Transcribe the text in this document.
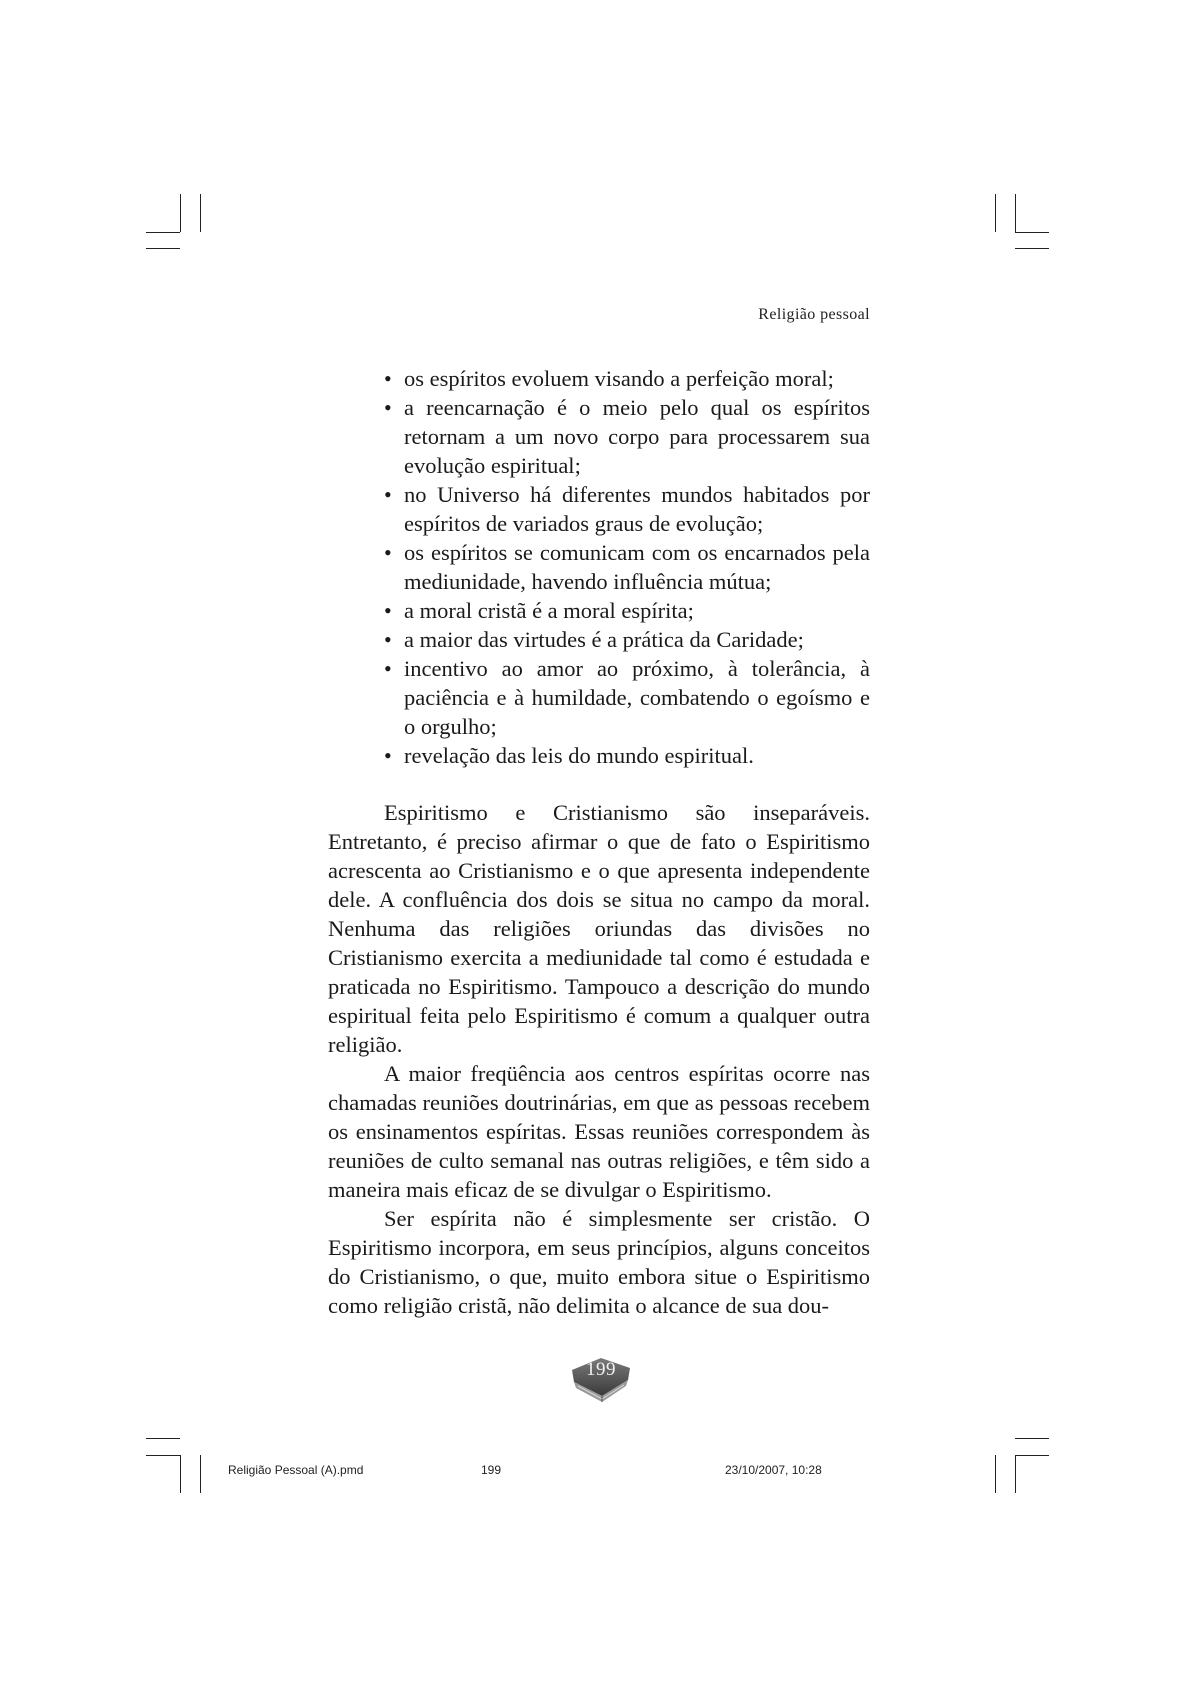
Religião pessoal
• os espíritos evoluem visando a perfeição moral;
• a reencarnação é o meio pelo qual os espíritos retornam a um novo corpo para processarem sua evolução espiritual;
• no Universo há diferentes mundos habitados por espíritos de variados graus de evolução;
• os espíritos se comunicam com os encarnados pela mediunidade, havendo influência mútua;
• a moral cristã é a moral espírita;
• a maior das virtudes é a prática da Caridade;
• incentivo ao amor ao próximo, à tolerância, à paciência e à humildade, combatendo o egoísmo e o orgulho;
• revelação das leis do mundo espiritual.

Espiritismo e Cristianismo são inseparáveis. Entretanto, é preciso afirmar o que de fato o Espiritismo acrescenta ao Cristianismo e o que apresenta independente dele. A confluência dos dois se situa no campo da moral. Nenhuma das religiões oriundas das divisões no Cristianismo exercita a mediunidade tal como é estudada e praticada no Espiritismo. Tampouco a descrição do mundo espiritual feita pelo Espiritismo é comum a qualquer outra religião.

A maior freqüência aos centros espíritas ocorre nas chamadas reuniões doutrinárias, em que as pessoas recebem os ensinamentos espíritas. Essas reuniões correspondem às reuniões de culto semanal nas outras religiões, e têm sido a maneira mais eficaz de se divulgar o Espiritismo.

Ser espírita não é simplesmente ser cristão. O Espiritismo incorpora, em seus princípios, alguns conceitos do Cristianismo, o que, muito embora situe o Espiritismo como religião cristã, não delimita o alcance de sua dou-

199
Religião Pessoal (A).pmd	199	23/10/2007, 10:28
